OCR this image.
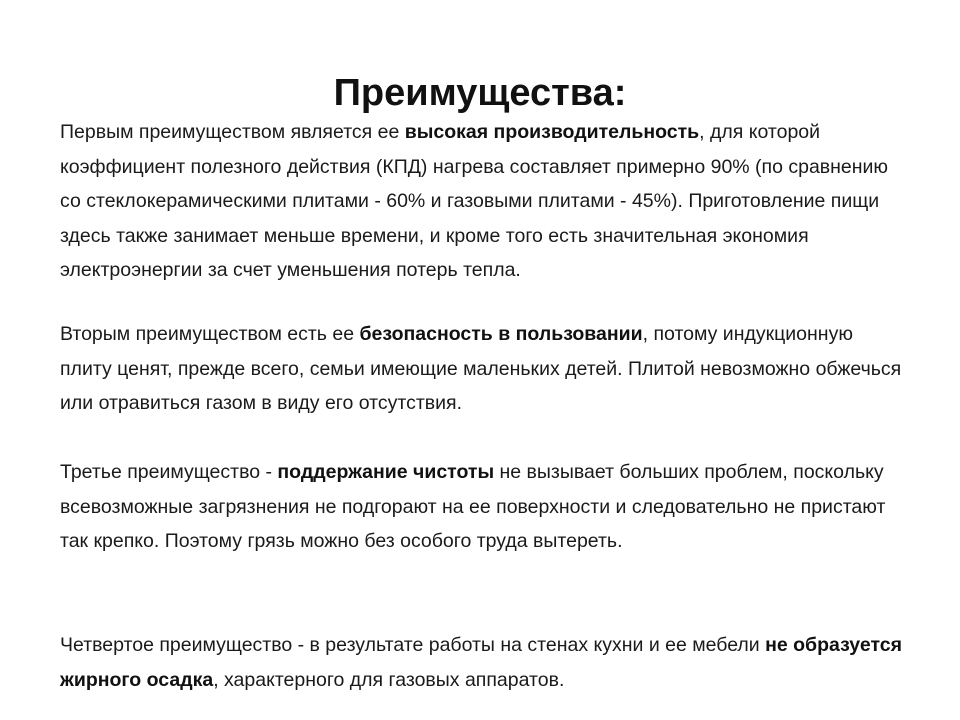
Преимущества:
Первым преимуществом является ее высокая производительность, для которой коэффициент полезного действия (КПД) нагрева составляет примерно 90% (по сравнению со стеклокерамическими плитами - 60% и газовыми плитами - 45%). Приготовление пищи здесь также занимает меньше времени, и кроме того есть значительная экономия электроэнергии за счет уменьшения потерь тепла.
Вторым преимуществом есть ее безопасность в пользовании, потому индукционную плиту ценят, прежде всего, семьи имеющие маленьких детей. Плитой невозможно обжечься или отравиться газом в виду его отсутствия.
Третье преимущество - поддержание чистоты не вызывает больших проблем, поскольку всевозможные загрязнения не подгорают на ее поверхности и следовательно не пристают так крепко. Поэтому грязь можно без особого труда вытереть.
Четвертое преимущество - в результате работы на стенах кухни и ее мебели не образуется жирного осадка, характерного для газовых аппаратов.
